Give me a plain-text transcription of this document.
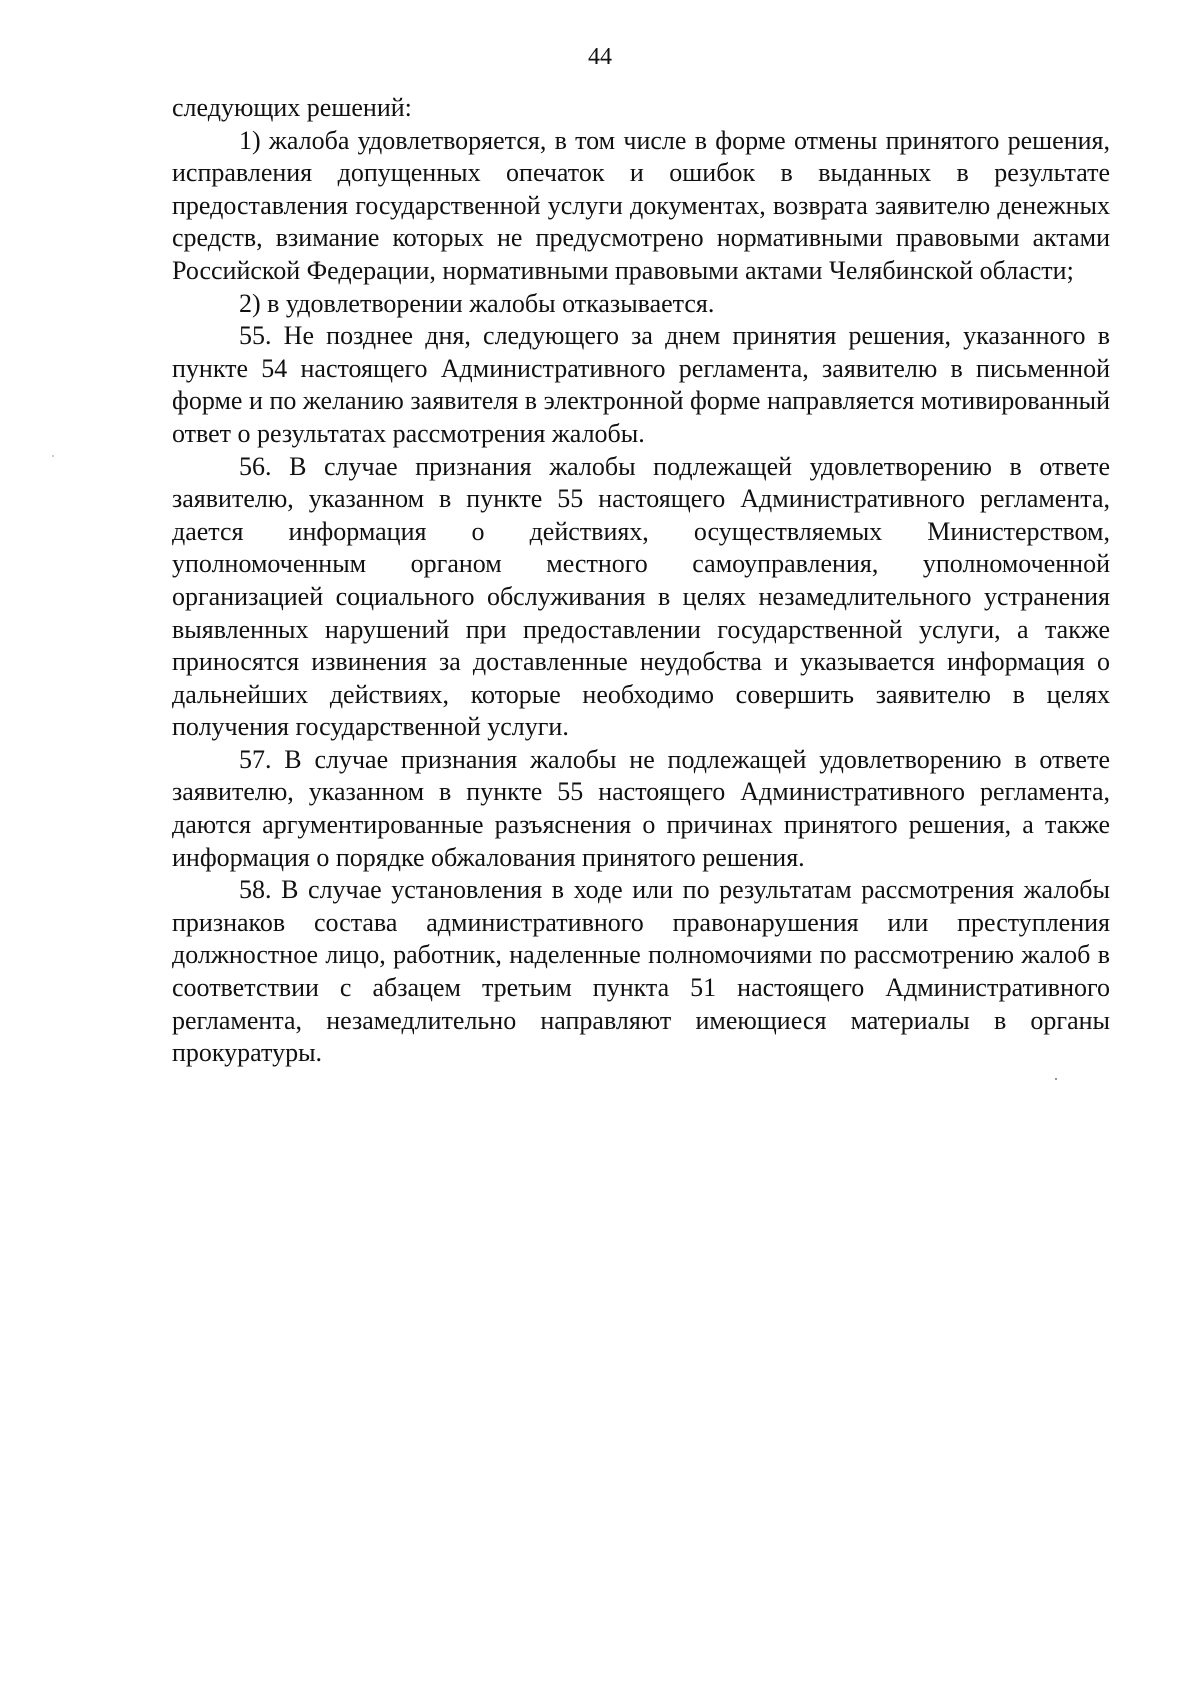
44

следующих решений:

1) жалоба удовлетворяется, в том числе в форме отмены принятого решения, исправления допущенных опечаток и ошибок в выданных в результате предоставления государственной услуги документах, возврата заявителю денежных средств, взимание которых не предусмотрено нормативными правовыми актами Российской Федерации, нормативными правовыми актами Челябинской области;

2) в удовлетворении жалобы отказывается.

55. Не позднее дня, следующего за днем принятия решения, указанного в пункте 54 настоящего Административного регламента, заявителю в письменной форме и по желанию заявителя в электронной форме направляется мотивированный ответ о результатах рассмотрения жалобы.

56. В случае признания жалобы подлежащей удовлетворению в ответе заявителю, указанном в пункте 55 настоящего Административного регламента, дается информация о действиях, осуществляемых Министерством, уполномоченным органом местного самоуправления, уполномоченной организацией социального обслуживания в целях незамедлительного устранения выявленных нарушений при предоставлении государственной услуги, а также приносятся извинения за доставленные неудобства и указывается информация о дальнейших действиях, которые необходимо совершить заявителю в целях получения государственной услуги.

57. В случае признания жалобы не подлежащей удовлетворению в ответе заявителю, указанном в пункте 55 настоящего Административного регламента, даются аргументированные разъяснения о причинах принятого решения, а также информация о порядке обжалования принятого решения.

58. В случае установления в ходе или по результатам рассмотрения жалобы признаков состава административного правонарушения или преступления должностное лицо, работник, наделенные полномочиями по рассмотрению жалоб в соответствии с абзацем третьим пункта 51 настоящего Административного регламента, незамедлительно направляют имеющиеся материалы в органы прокуратуры.
